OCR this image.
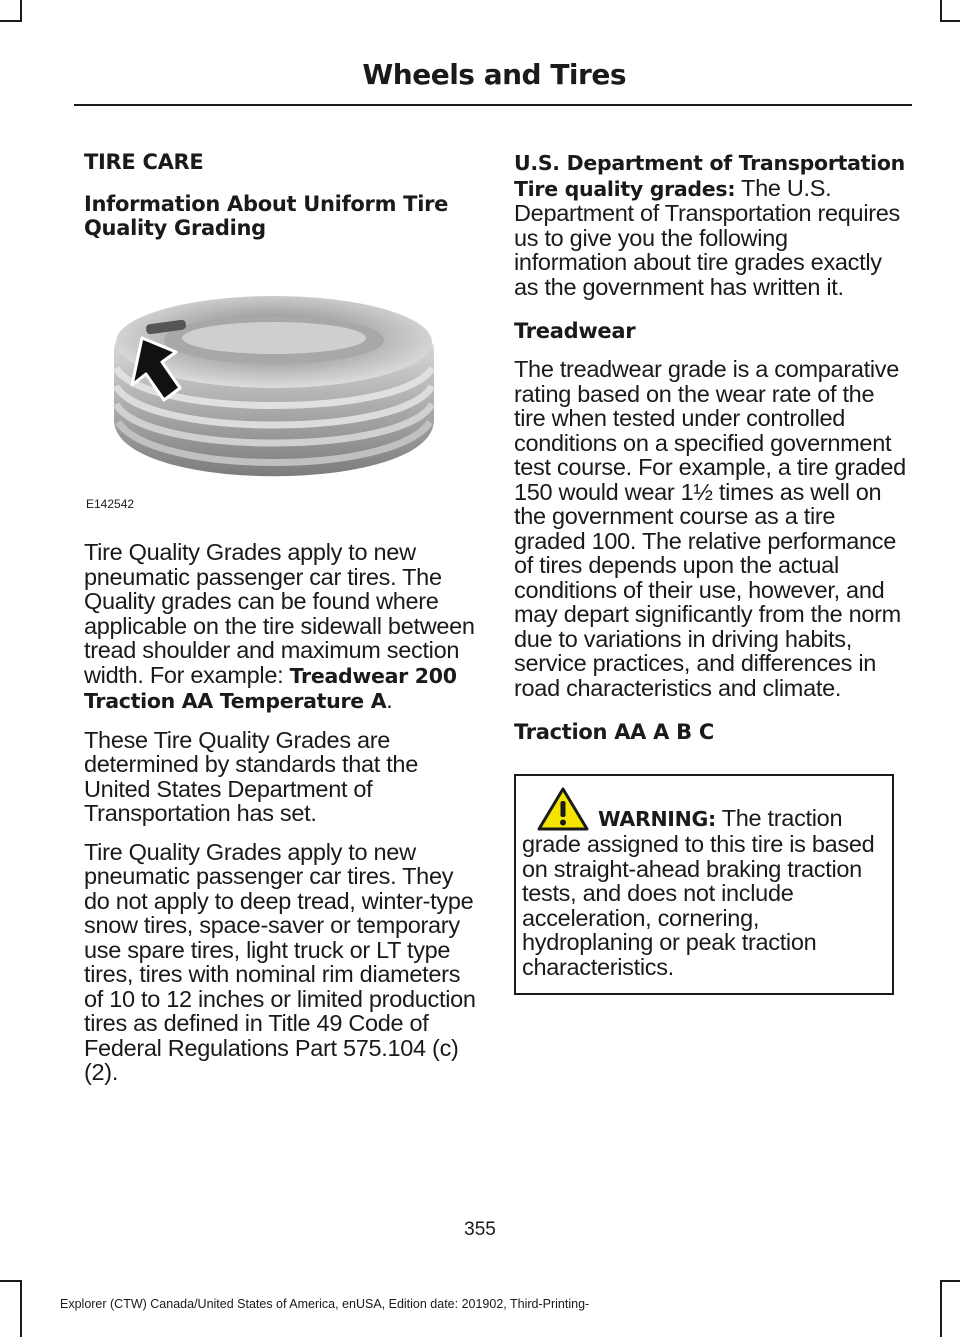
Wheels and Tires
TIRE CARE
Information About Uniform Tire Quality Grading
E142542

Tire Quality Grades apply to new pneumatic passenger car tires. The Quality grades can be found where applicable on the tire sidewall between tread shoulder and maximum section width. For example: Treadwear 200 Traction AA Temperature A.

These Tire Quality Grades are determined by standards that the United States Department of Transportation has set.

Tire Quality Grades apply to new pneumatic passenger car tires. They do not apply to deep tread, winter-type snow tires, space-saver or temporary use spare tires, light truck or LT type tires, tires with nominal rim diameters of 10 to 12 inches or limited production tires as defined in Title 49 Code of Federal Regulations Part 575.104 (c)(2).

U.S. Department of Transportation Tire quality grades: The U.S. Department of Transportation requires us to give you the following information about tire grades exactly as the government has written it.

Treadwear

The treadwear grade is a comparative rating based on the wear rate of the tire when tested under controlled conditions on a specified government test course. For example, a tire graded 150 would wear 1½ times as well on the government course as a tire graded 100. The relative performance of tires depends upon the actual conditions of their use, however, and may depart significantly from the norm due to variations in driving habits, service practices, and differences in road characteristics and climate.

Traction AA A B C

WARNING: The traction grade assigned to this tire is based on straight-ahead braking traction tests, and does not include acceleration, cornering, hydroplaning or peak traction characteristics.

355
Explorer (CTW) Canada/United States of America, enUSA, Edition date: 201902, Third-Printing-
